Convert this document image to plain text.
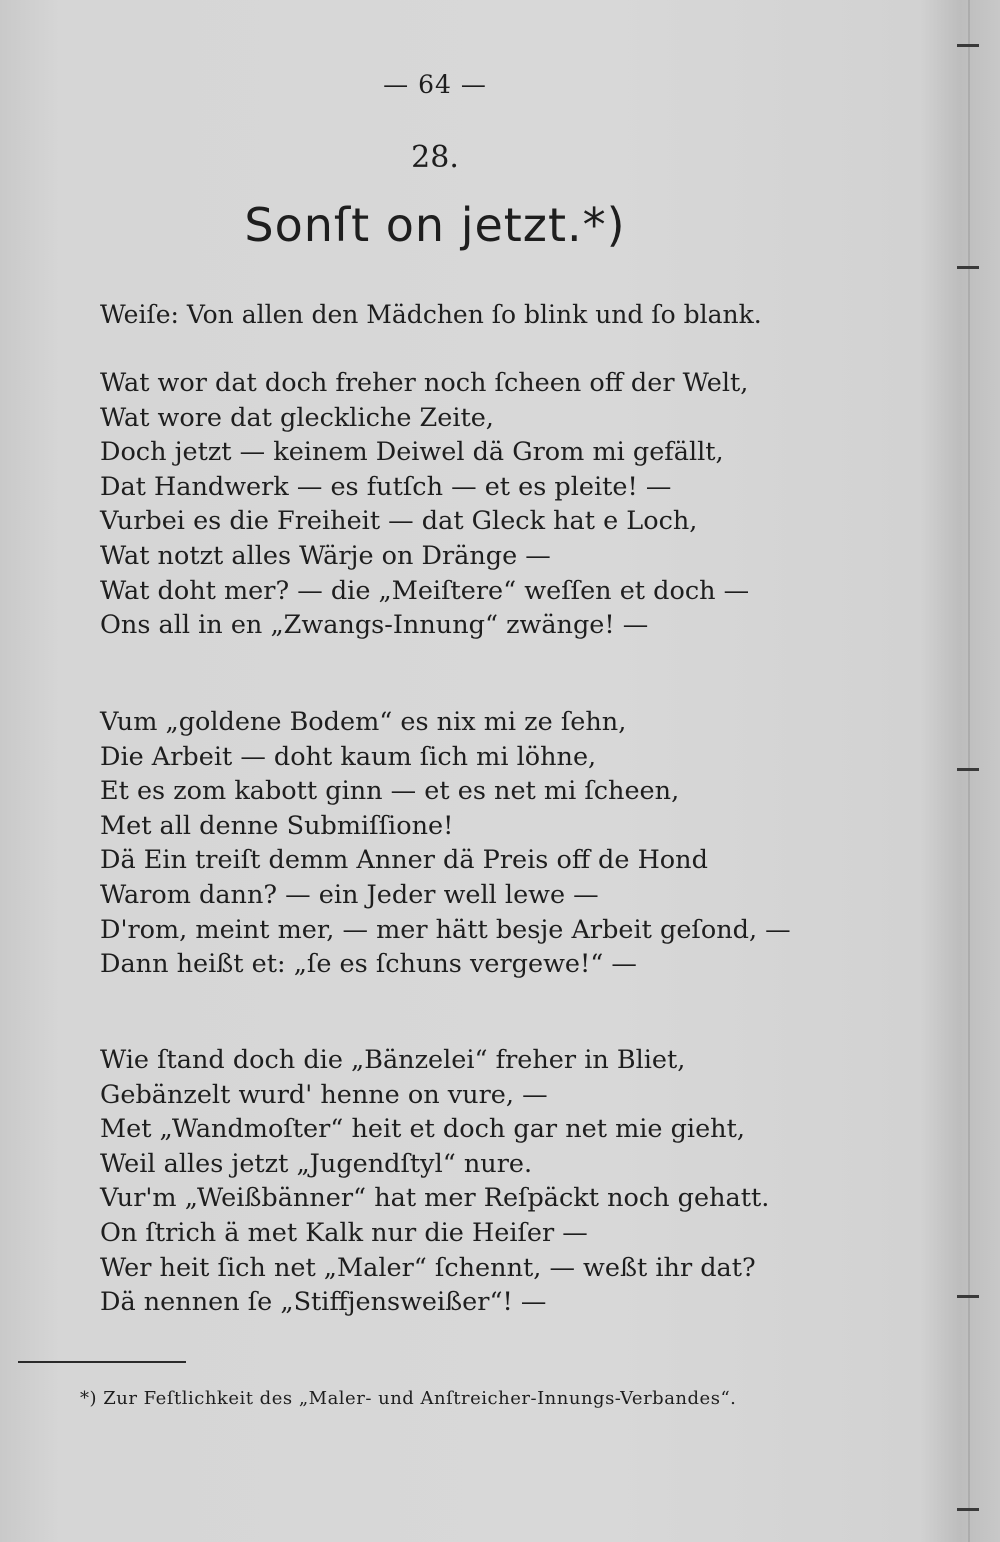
— 64 —
28.
Sonſt on jetzt.*)
Weiſe: Von allen den Mädchen ſo blink und ſo blank.
Wat wor dat doch freher noch ſcheen off der Welt,
Wat wore dat gleckliche Zeite,
Doch jetzt — keinem Deiwel dä Grom mi gefällt,
Dat Handwerk — es futſch — et es pleite! —
Vurbei es die Freiheit — dat Gleck hat e Loch,
Wat notzt alles Wärje on Dränge —
Wat doht mer? — die „Meiſtere“ weſſen et doch —
Ons all in en „Zwangs-Innung“ zwänge! —
Vum „goldene Bodem“ es nix mi ze ſehn,
Die Arbeit — doht kaum ſich mi löhne,
Et es zom kabott ginn — et es net mi ſcheen,
Met all denne Submiſſione!
Dä Ein treiſt demm Anner dä Preis off de Hond
Warom dann? — ein Jeder well lewe —
D'rom, meint mer, — mer hätt besje Arbeit geſond, —
Dann heißt et: „ſe es ſchuns vergewe!“ —
Wie ſtand doch die „Bänzelei“ freher in Bliet,
Gebänzelt wurd' henne on vure, —
Met „Wandmoſter“ heit et doch gar net mie gieht,
Weil alles jetzt „Jugendſtyl“ nure.
Vur'm „Weißbänner“ hat mer Reſpäckt noch gehatt.
On ſtrich ä met Kalk nur die Heiſer —
Wer heit ſich net „Maler“ ſchennt, — weßt ihr dat?
Dä nennen ſe „Stiffjensweißer“! —
*) Zur Feſtlichkeit des „Maler- und Anſtreicher-Innungs-Verbandes“.
